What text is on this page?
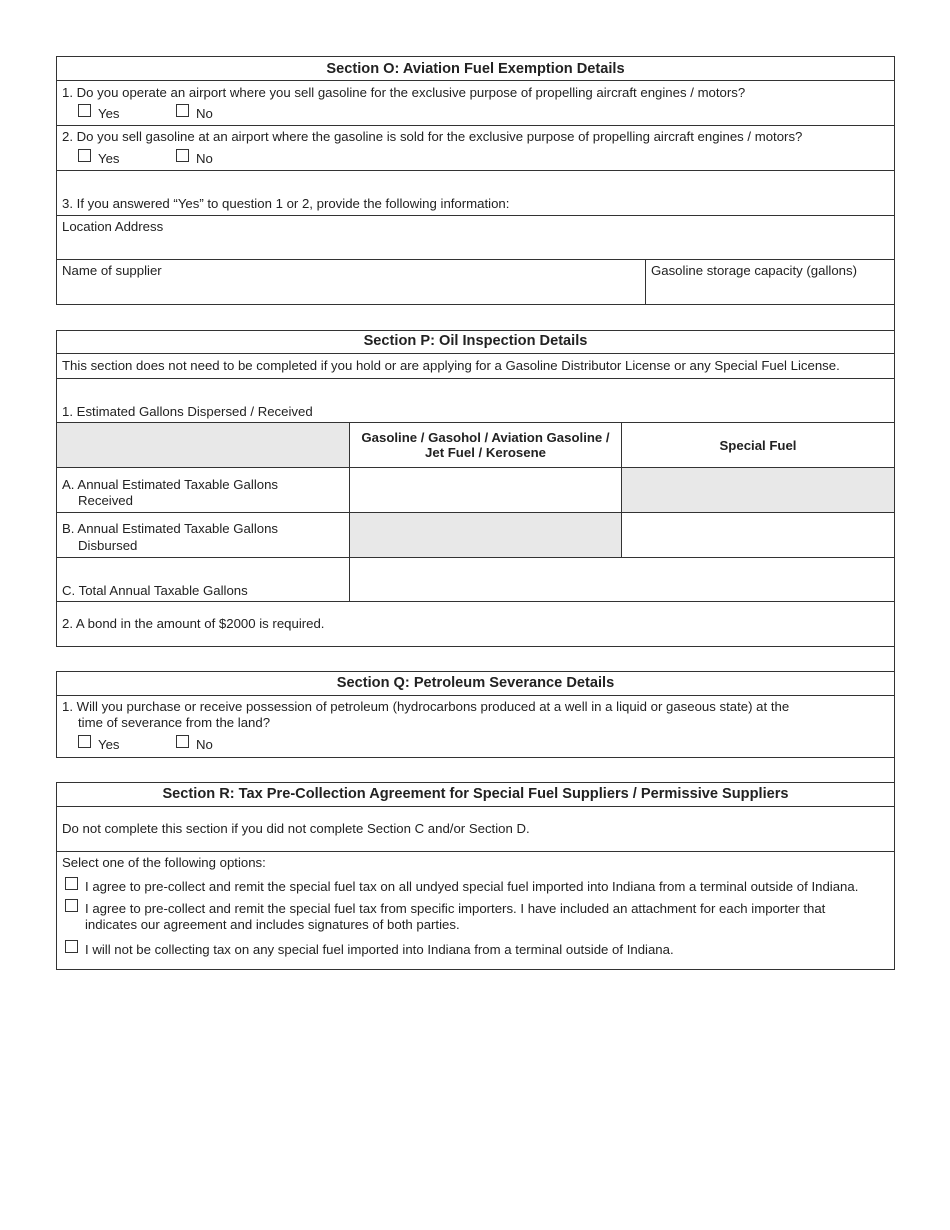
Section O: Aviation Fuel Exemption Details
1. Do you operate an airport where you sell gasoline for the exclusive purpose of propelling aircraft engines / motors?
Yes	No
2. Do you sell gasoline at an airport where the gasoline is sold for the exclusive purpose of propelling aircraft engines / motors?
Yes	No
3. If you answered “Yes” to question 1 or 2, provide the following information:
Location Address
Name of supplier	Gasoline storage capacity (gallons)
Section P: Oil Inspection Details
This section does not need to be completed if you hold or are applying for a Gasoline Distributor License or any Special Fuel License.
1. Estimated Gallons Dispersed / Received
Gasoline / Gasohol / Aviation Gasoline /
Jet Fuel / Kerosene	Special Fuel
A. Annual Estimated Taxable Gallons
Received
B. Annual Estimated Taxable Gallons
Disbursed
C. Total Annual Taxable Gallons
2. A bond in the amount of $2000 is required.
Section Q: Petroleum Severance Details
1. Will you purchase or receive possession of petroleum (hydrocarbons produced at a well in a liquid or gaseous state) at the
time of severance from the land?
Yes	No
Section R: Tax Pre-Collection Agreement for Special Fuel Suppliers / Permissive Suppliers
Do not complete this section if you did not complete Section C and/or Section D.
Select one of the following options:
I agree to pre-collect and remit the special fuel tax on all undyed special fuel imported into Indiana from a terminal outside of Indiana.
I agree to pre-collect and remit the special fuel tax from specific importers. I have included an attachment for each importer that
indicates our agreement and includes signatures of both parties.
I will not be collecting tax on any special fuel imported into Indiana from a terminal outside of Indiana.
